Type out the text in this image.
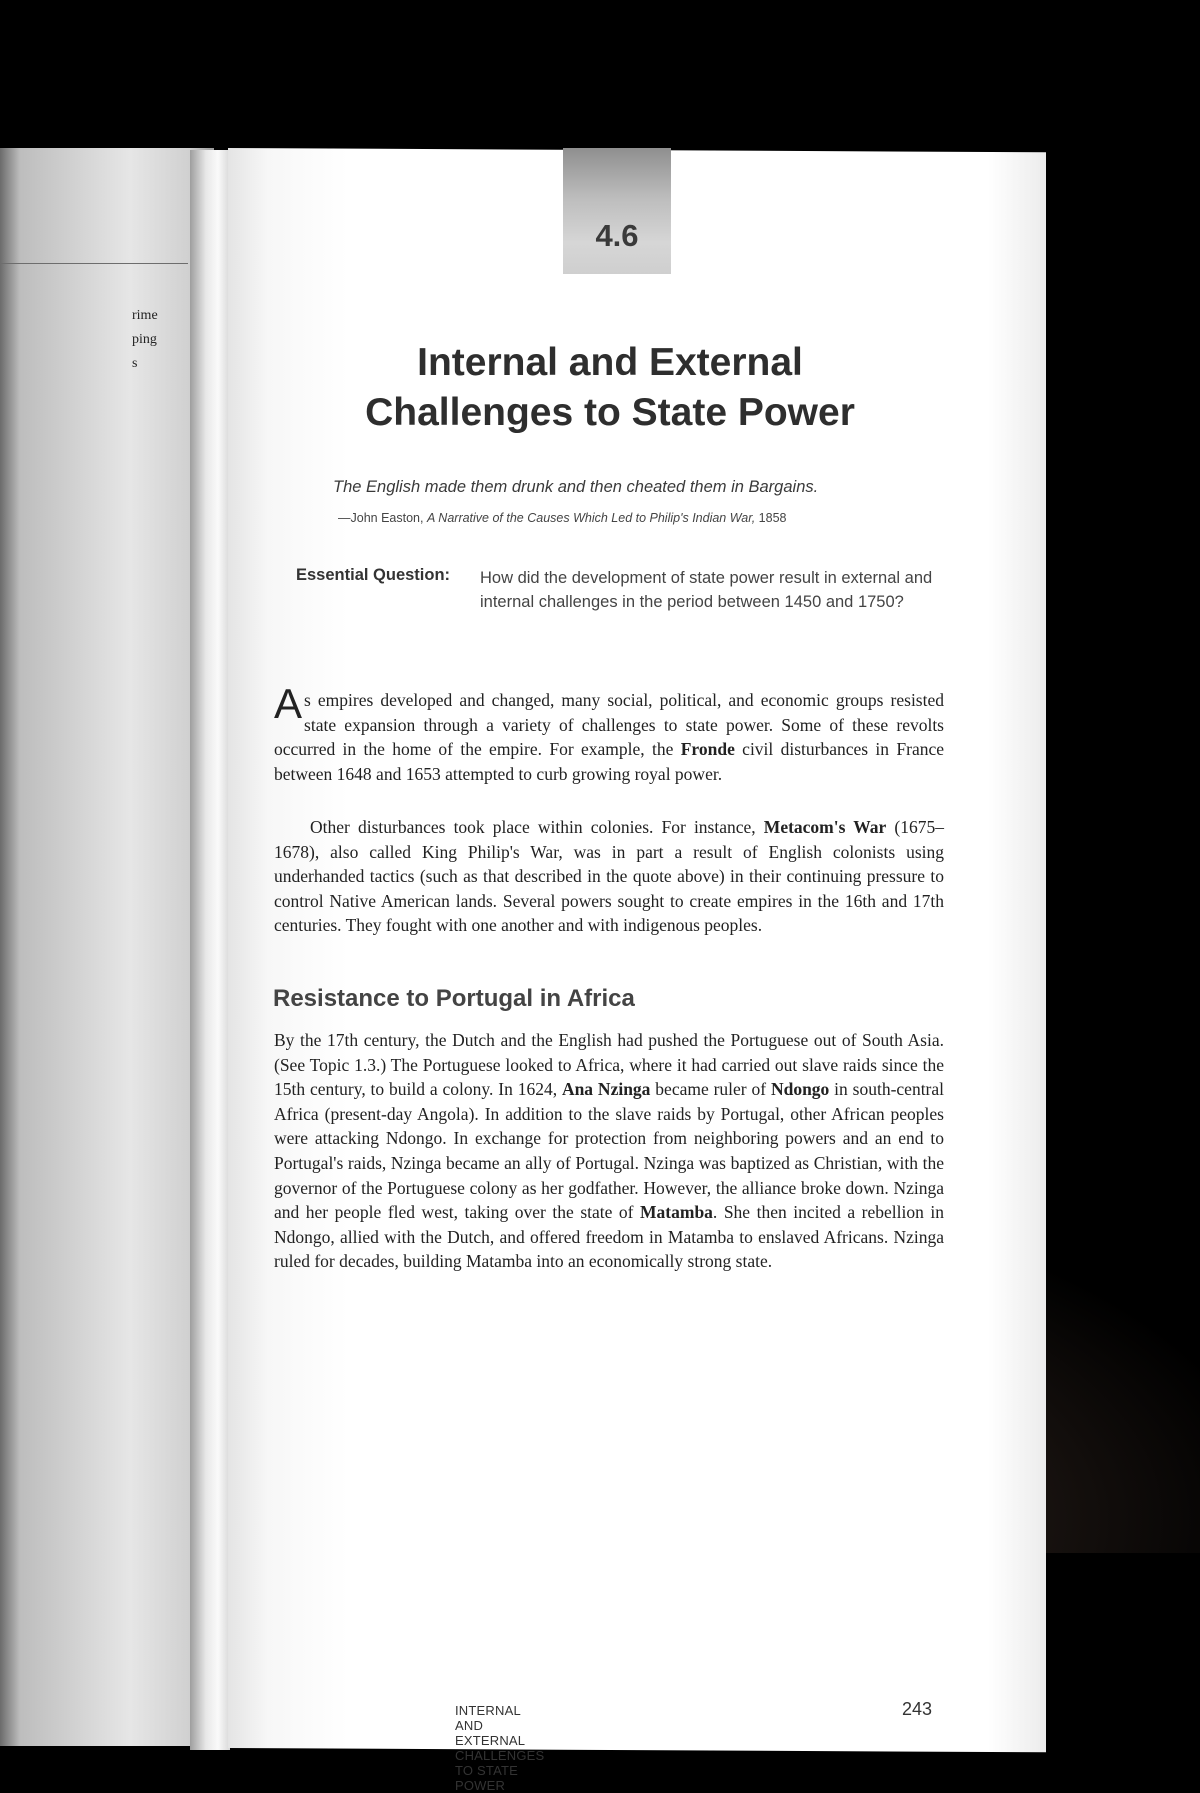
rime
ping
s
4.6
Internal and External
Challenges to State Power
The English made them drunk and then cheated them in Bargains.
—John Easton, A Narrative of the Causes Which Led to Philip's Indian War, 1858
Essential Question: How did the development of state power result in external and internal challenges in the period between 1450 and 1750?
As empires developed and changed, many social, political, and economic groups resisted state expansion through a variety of challenges to state power. Some of these revolts occurred in the home of the empire. For example, the Fronde civil disturbances in France between 1648 and 1653 attempted to curb growing royal power.
Other disturbances took place within colonies. For instance, Metacom's War (1675–1678), also called King Philip's War, was in part a result of English colonists using underhanded tactics (such as that described in the quote above) in their continuing pressure to control Native American lands. Several powers sought to create empires in the 16th and 17th centuries. They fought with one another and with indigenous peoples.
Resistance to Portugal in Africa
By the 17th century, the Dutch and the English had pushed the Portuguese out of South Asia. (See Topic 1.3.) The Portuguese looked to Africa, where it had carried out slave raids since the 15th century, to build a colony. In 1624, Ana Nzinga became ruler of Ndongo in south-central Africa (present-day Angola). In addition to the slave raids by Portugal, other African peoples were attacking Ndongo. In exchange for protection from neighboring powers and an end to Portugal's raids, Nzinga became an ally of Portugal. Nzinga was baptized as Christian, with the governor of the Portuguese colony as her godfather. However, the alliance broke down. Nzinga and her people fled west, taking over the state of Matamba. She then incited a rebellion in Ndongo, allied with the Dutch, and offered freedom in Matamba to enslaved Africans. Nzinga ruled for decades, building Matamba into an economically strong state.
INTERNAL AND EXTERNAL CHALLENGES TO STATE POWER
243
